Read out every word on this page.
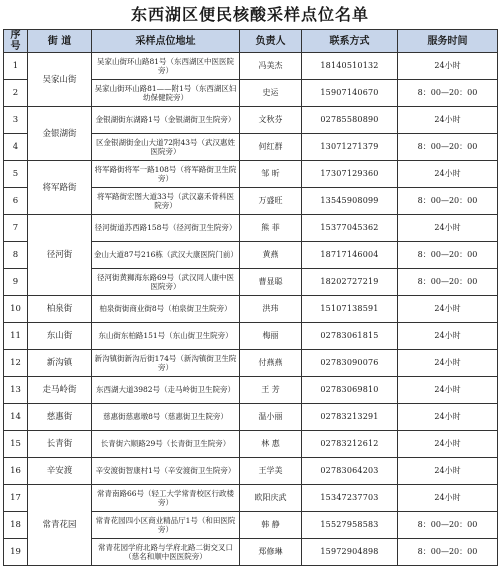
东西湖区便民核酸采样点位名单
序号	街 道	采样点位地址	负责人	联系方式	服务时间
1	吴家山街	吴家山街环山路81号（东西湖区中医医院旁）	冯美杰	18140510132	24小时
2		吴家山街环山路81——附1号（东西湖区妇幼保健院旁）	史运	15907140670	8：00—20：00
3	金银湖街	金银湖街东湖路1号（金银湖街卫生院旁）	文秋芬	02785580890	24小时
4		区金银湖街金山大道72附43号（武汉惠姓医院旁）	何红群	13071271379	8：00—20：00
5	将军路街	将军路街将军一路108号（将军路街卫生院旁）	邹 昕	17307129360	24小时
6		将军路街宏图大道33号（武汉嘉禾骨科医院旁）	万盛旺	13545908099	8：00—20：00
7	径河街	径河街道苏西路158号（径河街卫生院旁）	熊 菲	15377045362	24小时
8		金山大道87号216栋（武汉大康医院门前）	黄燕	18717146004	8：00—20：00
9		径河街黄狮海东路69号（武汉同人康中医医院旁）	曹显聪	18202727219	8：00—20：00
10	柏泉街	柏泉街街商业街8号（柏泉街卫生院旁）	洪玮	15107138591	24小时
11	东山街	东山街东柏路151号（东山街卫生院旁）	梅丽	02783061815	24小时
12	新沟镇	新沟镇街新沟后街174号（新沟镇街卫生院旁）	付燕燕	02783090076	24小时
13	走马岭街	东西湖大道3982号（走马岭街卫生院旁）	王 芳	02783069810	24小时
14	慈惠街	慈惠街慈惠墩8号（慈惠街卫生院旁）	温小丽	02783213291	24小时
15	长青街	长青街六顺路29号（长青街卫生院旁）	林 惠	02783212612	24小时
16	辛安渡	辛安渡街智康村1号（辛安渡街卫生院旁）	王学美	02783064203	24小时
17	常青花园	常青南路66号（轻工大学常青校区行政楼旁）	欧阳庆武	15347237703	24小时
18		常青花园四小区商业精品厅1号（和田医院旁）	韩 静	15527958583	8：00—20：00
19		常青花园学府北路与学府北路二街交叉口（慈名和顺中医医院旁）	郑修琳	15972904898	8：00—20：00
